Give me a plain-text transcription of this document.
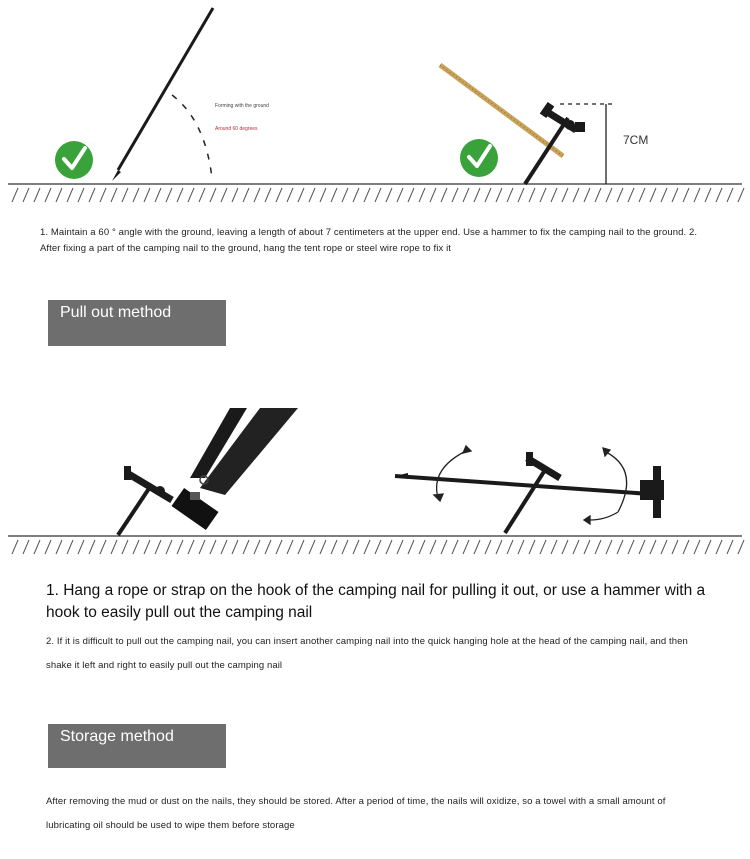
Forming with the ground
Around 60 degrees
7CM
1. Maintain a 60 ° angle with the ground, leaving a length of about 7 centimeters at the upper end. Use a hammer to fix the camping nail to the ground. 2. After fixing a part of the camping nail to the ground, hang the tent rope or steel wire rope to fix it
Pull out method
1. Hang a rope or strap on the hook of the camping nail for pulling it out, or use a hammer with a hook to easily pull out the camping nail
2. If it is difficult to pull out the camping nail, you can insert another camping nail into the quick hanging hole at the head of the camping nail, and then shake it left and right to easily pull out the camping nail
Storage method
After removing the mud or dust on the nails, they should be stored. After a period of time, the nails will oxidize, so a towel with a small amount of lubricating oil should be used to wipe them before storage
